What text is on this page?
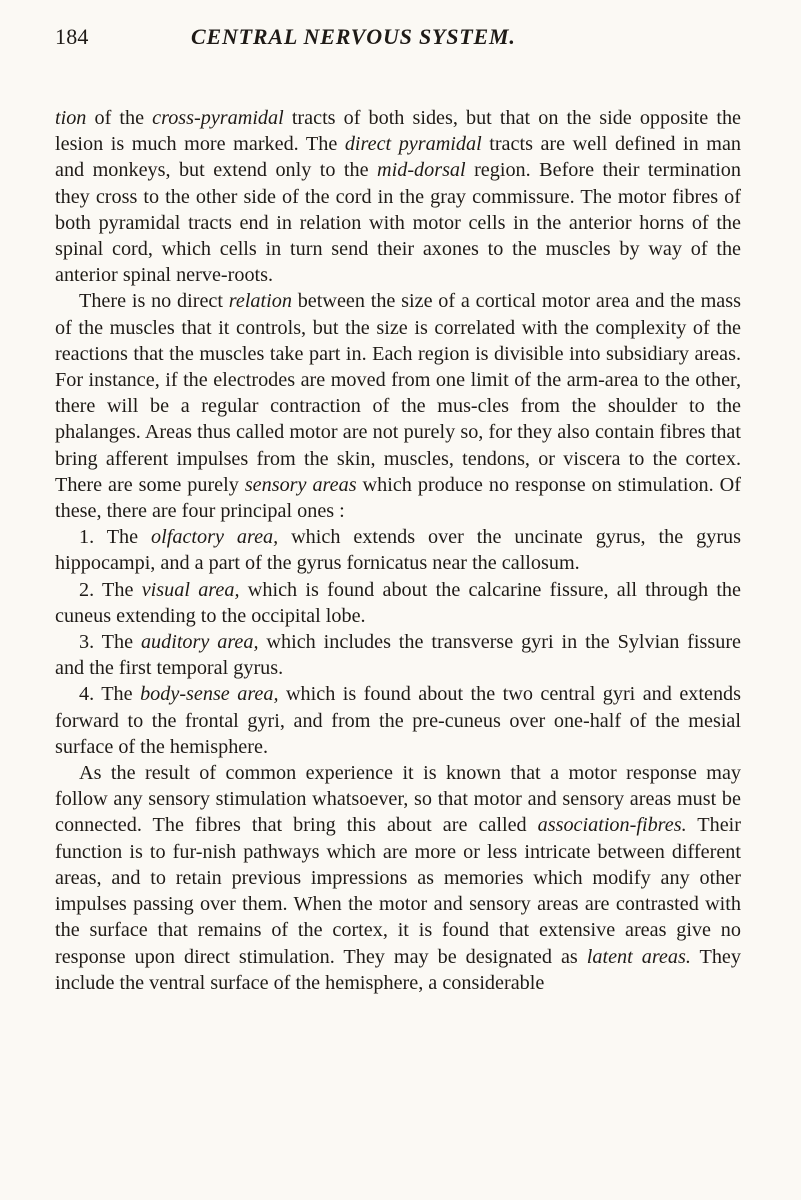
184	CENTRAL NERVOUS SYSTEM.

tion of the cross-pyramidal tracts of both sides, but that on the side opposite the lesion is much more marked. The direct pyramidal tracts are well defined in man and monkeys, but extend only to the mid-dorsal region. Before their termination they cross to the other side of the cord in the gray commissure. The motor fibres of both pyramidal tracts end in relation with motor cells in the anterior horns of the spinal cord, which cells in turn send their axones to the muscles by way of the anterior spinal nerve-roots.

There is no direct relation between the size of a cortical motor area and the mass of the muscles that it controls, but the size is correlated with the complexity of the reactions that the muscles take part in. Each region is divisible into subsidiary areas. For instance, if the electrodes are moved from one limit of the arm-area to the other, there will be a regular contraction of the mus-cles from the shoulder to the phalanges. Areas thus called motor are not purely so, for they also contain fibres that bring afferent impulses from the skin, muscles, tendons, or viscera to the cortex. There are some purely sensory areas which produce no response on stimulation. Of these, there are four principal ones :

1. The olfactory area, which extends over the uncinate gyrus, the gyrus hippocampi, and a part of the gyrus fornicatus near the callosum.

2. The visual area, which is found about the calcarine fissure, all through the cuneus extending to the occipital lobe.

3. The auditory area, which includes the transverse gyri in the Sylvian fissure and the first temporal gyrus.

4. The body-sense area, which is found about the two central gyri and extends forward to the frontal gyri, and from the pre-cuneus over one-half of the mesial surface of the hemisphere.

As the result of common experience it is known that a motor response may follow any sensory stimulation whatsoever, so that motor and sensory areas must be connected. The fibres that bring this about are called association-fibres. Their function is to fur-nish pathways which are more or less intricate between different areas, and to retain previous impressions as memories which modify any other impulses passing over them. When the motor and sensory areas are contrasted with the surface that remains of the cortex, it is found that extensive areas give no response upon direct stimulation. They may be designated as latent areas. They include the ventral surface of the hemisphere, a considerable
